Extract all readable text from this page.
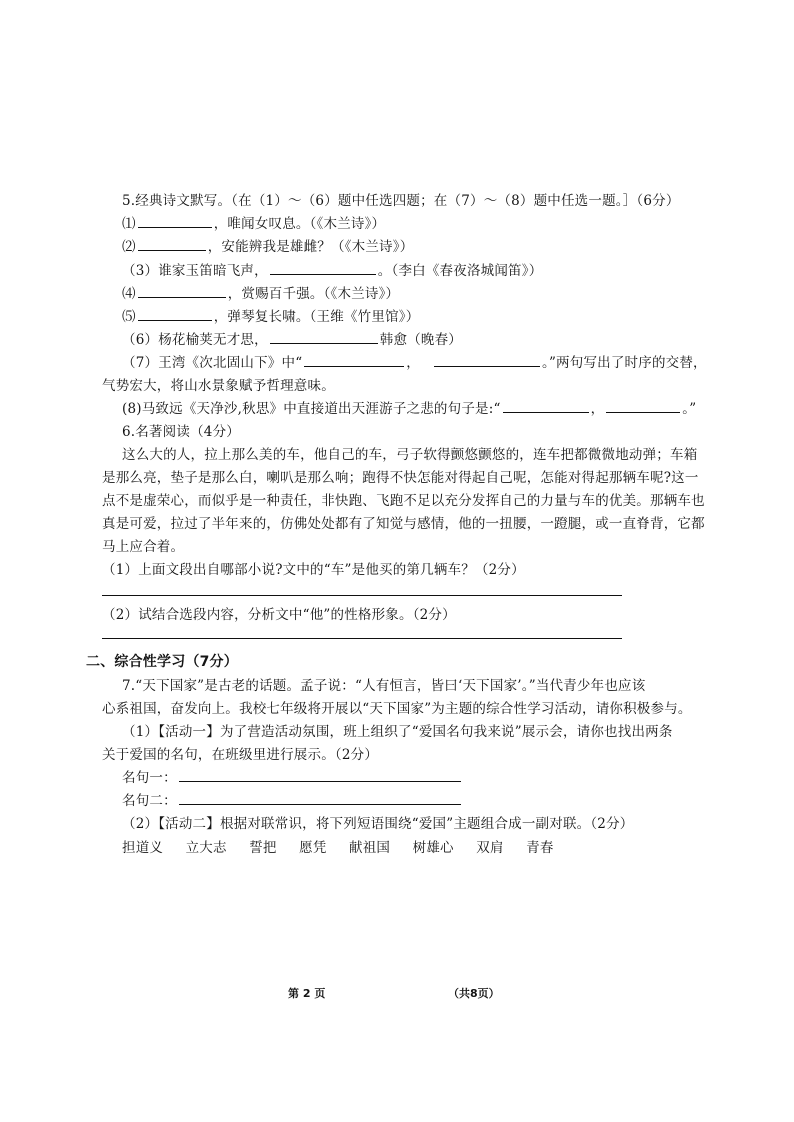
5.经典诗文默写。（在（1）～（6）题中任选四题；在（7）～（8）题中任选一题。］（6分）
⑴	，唯闻女叹息。（《木兰诗》）
⑵	，安能辨我是雄雌？（《木兰诗》）
（3）谁家玉笛暗飞声，	。（李白《春夜洛城闻笛》）
⑷	，赏赐百千强。（《木兰诗》）
⑸	，弹琴复长啸。（王维《竹里馆》）
（6）杨花榆荚无才思，	韩愈（晚春）
（7）王湾《次北固山下》中“	，	。”两句写出了时序的交替，
气势宏大，将山水景象赋予哲理意味。
(8)马致远《天净沙,秋思》中直接道出天涯游子之悲的句子是:“	，	。”
6.名著阅读（4分）
这么大的人，拉上那么美的车，他自己的车，弓子软得颤悠颤悠的，连车把都微微地动弹；车箱
是那么亮，垫子是那么白，喇叭是那么响；跑得不快怎能对得起自己呢，怎能对得起那辆车呢?这一
点不是虚荣心，而似乎是一种责任，非快跑、飞跑不足以充分发挥自己的力量与车的优美。那辆车也
真是可爱，拉过了半年来的，仿佛处处都有了知觉与感情，他的一扭腰，一蹬腿，或一直脊背，它都
马上应合着。
（1）上面文段出自哪部小说?文中的“车”是他买的第几辆车？（2分）
（2）试结合选段内容，分析文中“他”的性格形象。（2分）
二、综合性学习（7分）
7.“天下国家”是古老的话题。孟子说：“人有恒言，皆曰‘天下国家’。”当代青少年也应该
心系祖国，奋发向上。我校七年级将开展以“天下国家”为主题的综合性学习活动，请你积极参与。
（1）【活动一】为了营造活动氛围，班上组织了“爱国名句我来说”展示会，请你也找出两条
关于爱国的名句，在班级里进行展示。（2分）
名句一：
名句二：
（2）【活动二】根据对联常识，将下列短语围绕“爱国”主题组合成一副对联。（2分）
担道义 立大志 誓把 愿凭 献祖国 树雄心 双肩 青春
第 2 页	（共8页）
